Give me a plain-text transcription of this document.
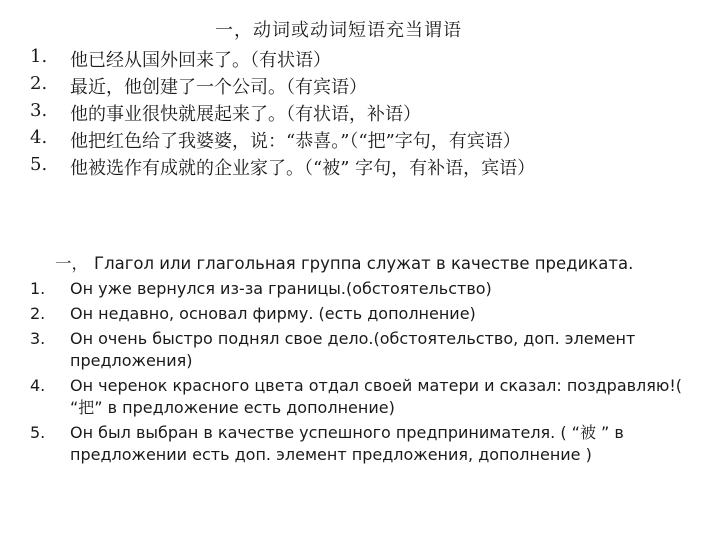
一，动词或动词短语充当谓语
1.	他已经从国外回来了。（有状语）
2.	最近，他创建了一个公司。（有宾语）
3.	他的事业很快就展起来了。（有状语，补语）
4.	他把红色给了我婆婆，说：“恭喜。”（“把”字句，有宾语）
5.	他被选作有成就的企业家了。（“被” 字句，有补语，宾语）
一， Глагол или глагольная группа служат в качестве предиката.
1.	Он уже вернулся из-за границы.(обстоятельство)
2.	Он недавно, основал фирму. (есть дополнение)
3.	Он очень быстро поднял свое дело.(обстоятельство, доп. элемент предложения)
4.	Он черенок красного цвета отдал своей матери и сказал: поздравляю!( “把” в предложение есть дополнение)
5.	Он был выбран в качестве успешного предпринимателя. ( “被 ” в предложении есть доп. элемент предложения, дополнение )
